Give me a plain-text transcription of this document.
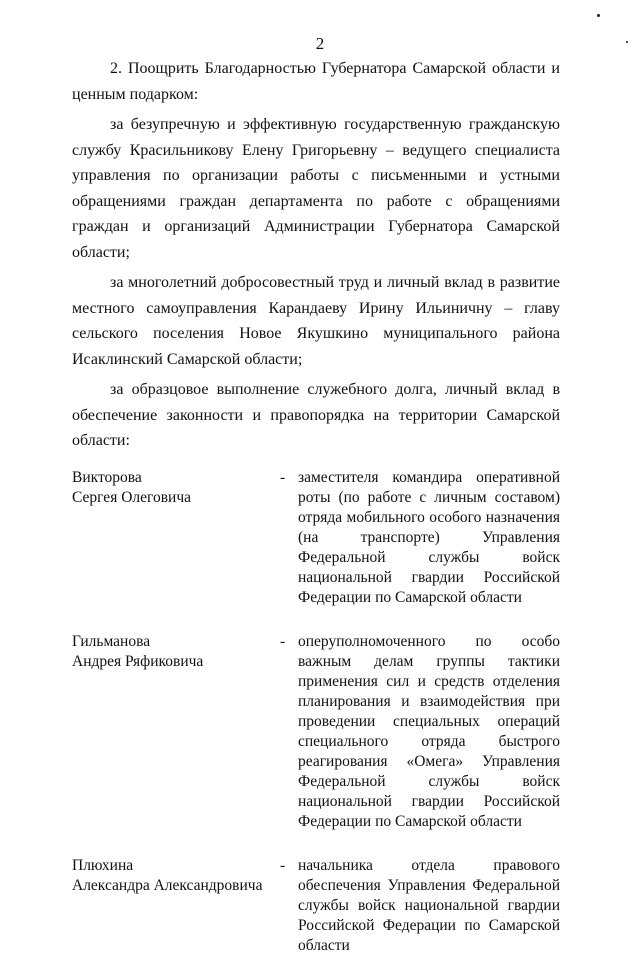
2

2. Поощрить Благодарностью Губернатора Самарской области и ценным подарком:

за безупречную и эффективную государственную гражданскую службу Красильникову Елену Григорьевну – ведущего специалиста управления по организации работы с письменными и устными обращениями граждан департамента по работе с обращениями граждан и организаций Администрации Губернатора Самарской области;

за многолетний добросовестный труд и личный вклад в развитие местного самоуправления Карандаеву Ирину Ильиничну – главу сельского поселения Новое Якушкино муниципального района Исаклинский Самарской области;

за образцовое выполнение служебного долга, личный вклад в обеспечение законности и правопорядка на территории Самарской области:

Викторова
Сергея Олеговича
- заместителя командира оперативной роты (по работе с личным составом) отряда мобильного особого назначения (на транспорте) Управления Федеральной службы войск национальной гвардии Российской Федерации по Самарской области
Гильманова
Андрея Ряфиковича
- оперуполномоченного по особо важным делам группы тактики применения сил и средств отделения планирования и взаимодействия при проведении специальных операций специального отряда быстрого реагирования «Омега» Управления Федеральной службы войск национальной гвардии Российской Федерации по Самарской области
Плюхина
Александра Александровича
- начальника отдела правового обеспечения Управления Федеральной службы войск национальной гвардии Российской Федерации по Самарской области
